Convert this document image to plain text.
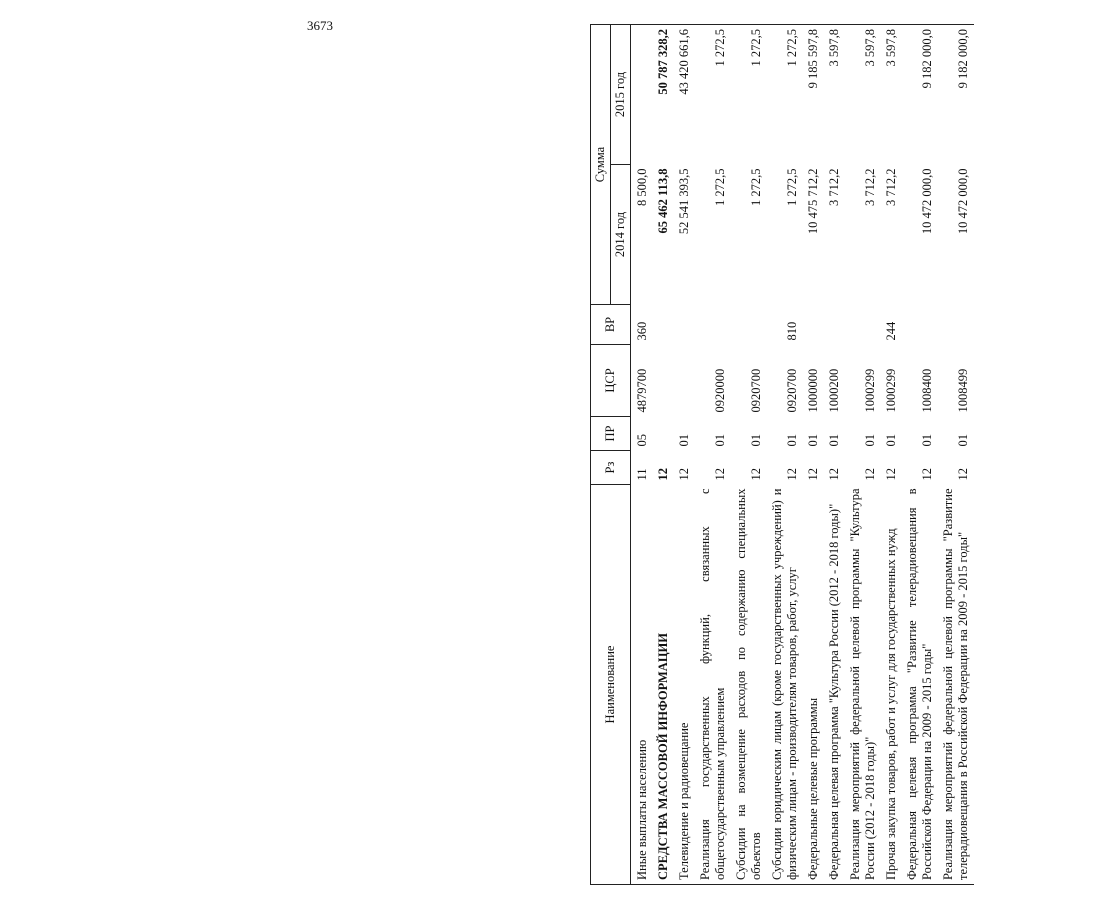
3673
Наименование	Рз	ПР	ЦСР	ВР	Сумма	
					2014 год	2015 год
Иные выплаты населению	11	05	4879700	360	8 500,0	
СРЕДСТВА МАССОВОЙ ИНФОРМАЦИИ	12				65 462 113,8	50 787 328,2
Телевидение и радиовещание	12	01			52 541 393,5	43 420 661,6
Реализация государственных функций, связанных с общегосударственным управлением	12	01	0920000		1 272,5	1 272,5
Субсидии на возмещение расходов по содержанию специальных объектов	12	01	0920700		1 272,5	1 272,5
Субсидии юридическим лицам (кроме государственных учреждений) и физическим лицам - производителям товаров, работ, услуг	12	01	0920700	810	1 272,5	1 272,5
Федеральные целевые программы	12	01	1000000		10 475 712,2	9 185 597,8
Федеральная целевая программа "Культура России (2012 - 2018 годы)"	12	01	1000200		3 712,2	3 597,8
Реализация мероприятий федеральной целевой программы "Культура России (2012 - 2018 годы)"	12	01	1000299		3 712,2	3 597,8
Прочая закупка товаров, работ и услуг для государственных нужд	12	01	1000299	244	3 712,2	3 597,8
Федеральная целевая программа "Развитие телерадиовещания в Российской Федерации на 2009 - 2015 годы"	12	01	1008400		10 472 000,0	9 182 000,0
Реализация мероприятий федеральной целевой программы "Развитие телерадиовещания в Российской Федерации на 2009 - 2015 годы"	12	01	1008499		10 472 000,0	9 182 000,0
